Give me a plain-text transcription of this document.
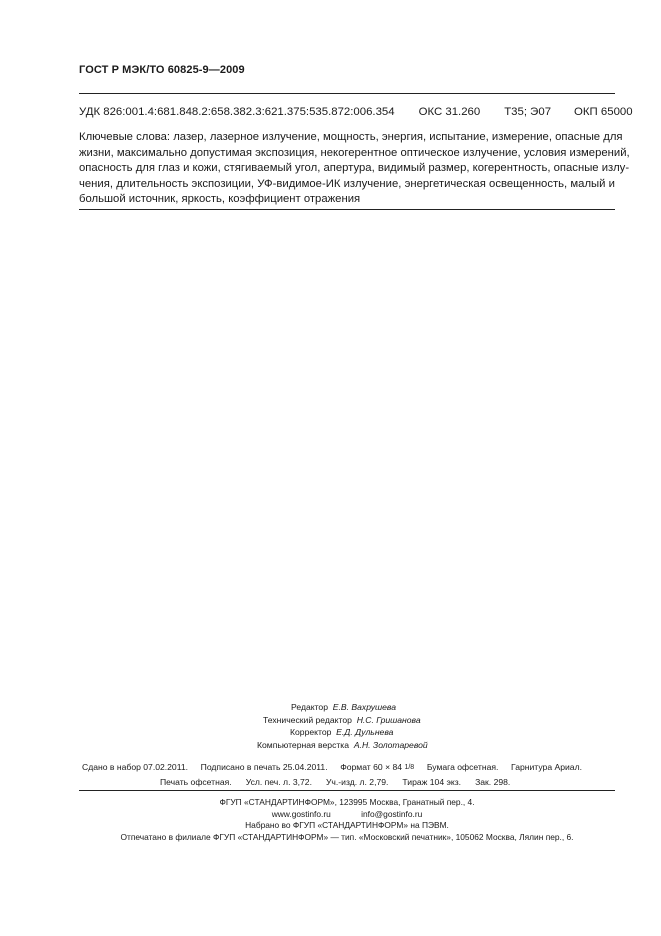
ГОСТ Р МЭК/ТО 60825-9—2009
УДК 826:001.4:681.848.2:658.382.3:621.375:535.872:006.354 ОКС 31.260 Т35; Э07 ОКП 65000
Ключевые слова: лазер, лазерное излучение, мощность, энергия, испытание, измерение, опасные для
жизни, максимально допустимая экспозиция, некогерентное оптическое излучение, условия измерений,
опасность для глаз и кожи, стягиваемый угол, апертура, видимый размер, когерентность, опасные излу-
чения, длительность экспозиции, УФ-видимое-ИК излучение, энергетическая освещенность, малый и
большой источник, яркость, коэффициент отражения
Редактор Е.В. Вахрушева
Технический редактор Н.С. Гришанова
Корректор Е.Д. Дульнева
Компьютерная верстка А.Н. Золотаревой
Сдано в набор 07.02.2011. Подписано в печать 25.04.2011. Формат 60 × 84 1/8 Бумага офсетная. Гарнитура Ариал.
Печать офсетная. Усл. печ. л. 3,72. Уч.-изд. л. 2,79. Тираж 104 экз. Зак. 298.
ФГУП «СТАНДАРТИНФОРМ», 123995 Москва, Гранатный пер., 4.
www.gostinfo.ru	info@gostinfo.ru
Набрано во ФГУП «СТАНДАРТИНФОРМ» на ПЭВМ.
Отпечатано в филиале ФГУП «СТАНДАРТИНФОРМ» — тип. «Московский печатник», 105062 Москва, Лялин пер., 6.
